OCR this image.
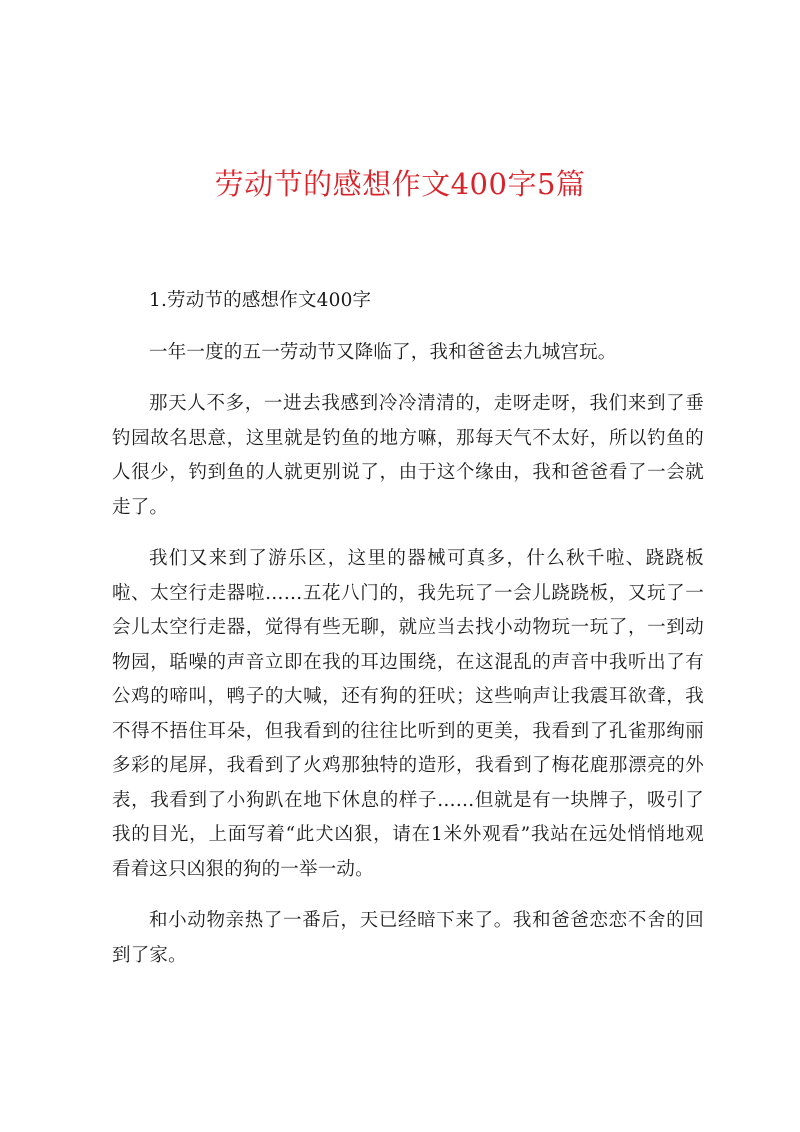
劳动节的感想作文400字5篇

1.劳动节的感想作文400字

一年一度的五一劳动节又降临了，我和爸爸去九城宫玩。

那天人不多，一进去我感到冷冷清清的，走呀走呀，我们来到了垂钓园故名思意，这里就是钓鱼的地方嘛，那每天气不太好，所以钓鱼的人很少，钓到鱼的人就更别说了，由于这个缘由，我和爸爸看了一会就走了。

我们又来到了游乐区，这里的器械可真多，什么秋千啦、跷跷板啦、太空行走器啦……五花八门的，我先玩了一会儿跷跷板，又玩了一会儿太空行走器，觉得有些无聊，就应当去找小动物玩一玩了，一到动物园，聒噪的声音立即在我的耳边围绕，在这混乱的声音中我听出了有公鸡的啼叫，鸭子的大喊，还有狗的狂吠；这些响声让我震耳欲聋，我不得不捂住耳朵，但我看到的往往比听到的更美，我看到了孔雀那绚丽多彩的尾屏，我看到了火鸡那独特的造形，我看到了梅花鹿那漂亮的外表，我看到了小狗趴在地下休息的样子……但就是有一块牌子，吸引了我的目光，上面写着“此犬凶狠，请在1米外观看”我站在远处悄悄地观看着这只凶狠的狗的一举一动。

和小动物亲热了一番后，天已经暗下来了。我和爸爸恋恋不舍的回到了家。
